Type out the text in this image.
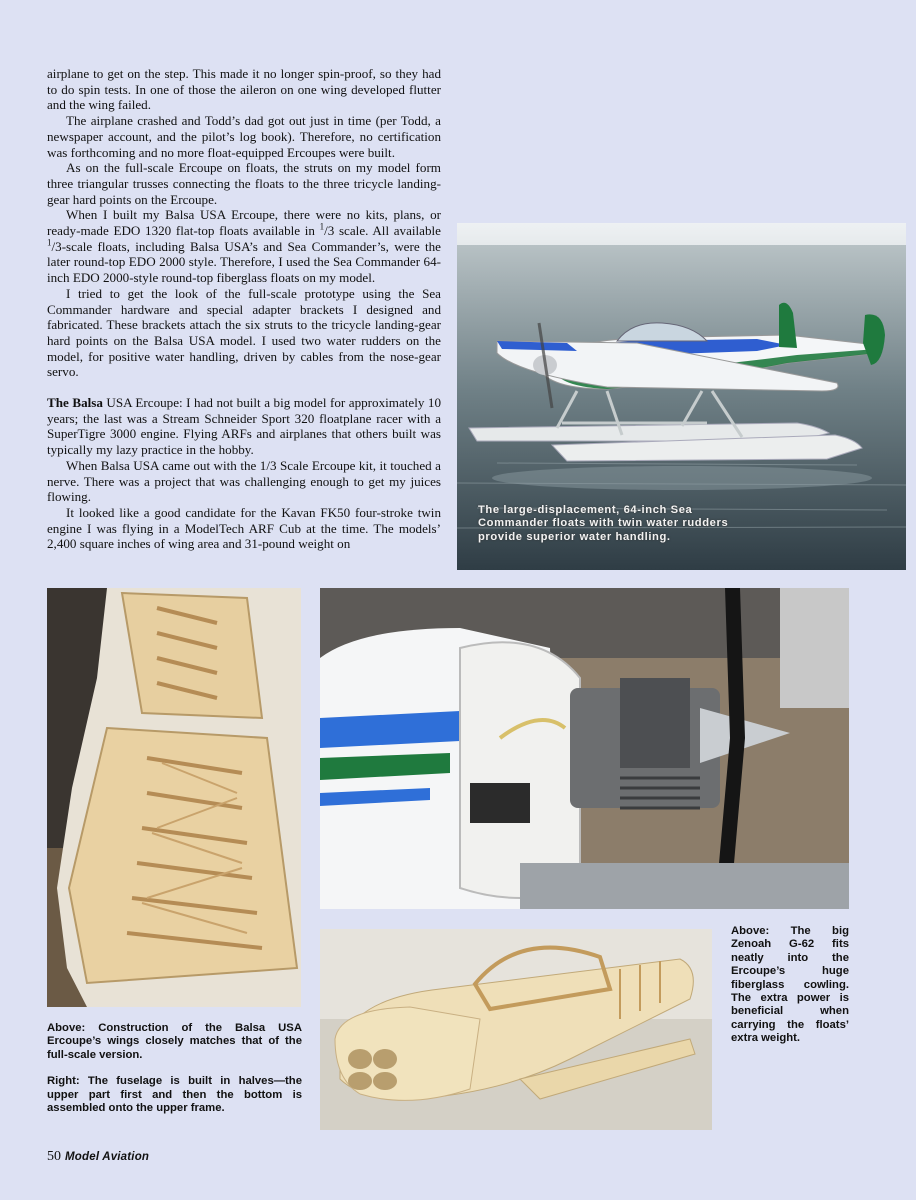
airplane to get on the step. This made it no longer spin-proof, so they had to do spin tests. In one of those the aileron on one wing developed flutter and the wing failed.

The airplane crashed and Todd’s dad got out just in time (per Todd, a newspaper account, and the pilot’s log book). Therefore, no certification was forthcoming and no more float-equipped Ercoupes were built.

As on the full-scale Ercoupe on floats, the struts on my model form three triangular trusses connecting the floats to the three tricycle landing-gear hard points on the Ercoupe.

When I built my Balsa USA Ercoupe, there were no kits, plans, or ready-made EDO 1320 flat-top floats available in $^1$/3 scale. All available $^1$/3-scale floats, including Balsa USA’s and Sea Commander’s, were the later round-top EDO 2000 style. Therefore, I used the Sea Commander 64-inch EDO 2000-style round-top fiberglass floats on my model.

I tried to get the look of the full-scale prototype using the Sea Commander hardware and special adapter brackets I designed and fabricated. These brackets attach the six struts to the tricycle landing-gear hard points on the Balsa USA model. I used two water rudders on the model, for positive water handling, driven by cables from the nose-gear servo.

The Balsa USA Ercoupe: I had not built a big model for approximately 10 years; the last was a Stream Schneider Sport 320 floatplane racer with a SuperTigre 3000 engine. Flying ARFs and airplanes that others built was typically my lazy practice in the hobby.

When Balsa USA came out with the 1/3 Scale Ercoupe kit, it touched a nerve. There was a project that was challenging enough to get my juices flowing.

It looked like a good candidate for the Kavan FK50 four-stroke twin engine I was flying in a ModelTech ARF Cub at the time. The models’ 2,400 square inches of wing area and 31-pound weight on

The large-displacement, 64-inch Sea Commander floats with twin water rudders provide superior water handling.

Above: The big Zenoah G-62 fits neatly into the Ercoupe’s huge fiberglass cowling. The extra power is beneficial when carrying the floats’ extra weight.

Above: Construction of the Balsa USA Ercoupe’s wings closely matches that of the full-scale version.

Right: The fuselage is built in halves—the upper part first and then the bottom is assembled onto the upper frame.

50 Model Aviation
